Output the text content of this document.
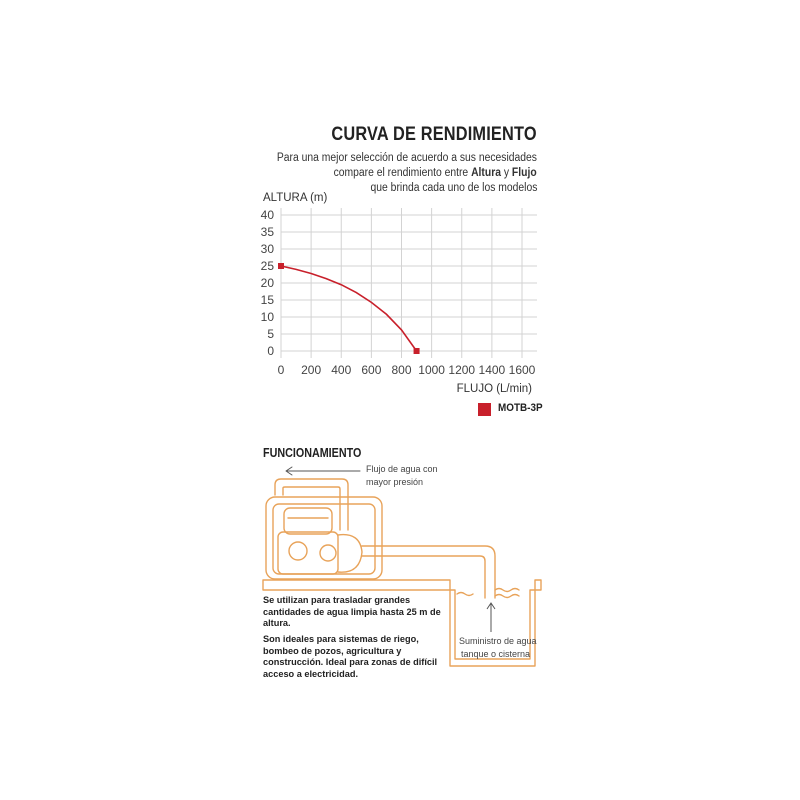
CURVA DE RENDIMIENTO
Para una mejor selección de acuerdo a sus necesidades
compare el rendimiento entre Altura y Flujo
que brinda cada uno de los modelos
0
5
10
15
20
25
30
35
40
0 200 400 600 800 1000 1200 1400 1600
ALTURA (m)
FLUJO (L/min)
MOTB-3P
FUNCIONAMIENTO
Flujo de agua con
mayor presión
Suministro de agua
tanque o cisterna
Se utilizan para trasladar grandes cantidades de agua limpia hasta 25 m de altura.
Son ideales para sistemas de riego, bombeo de pozos, agricultura y construcción. Ideal para zonas de difícil acceso a electricidad.
